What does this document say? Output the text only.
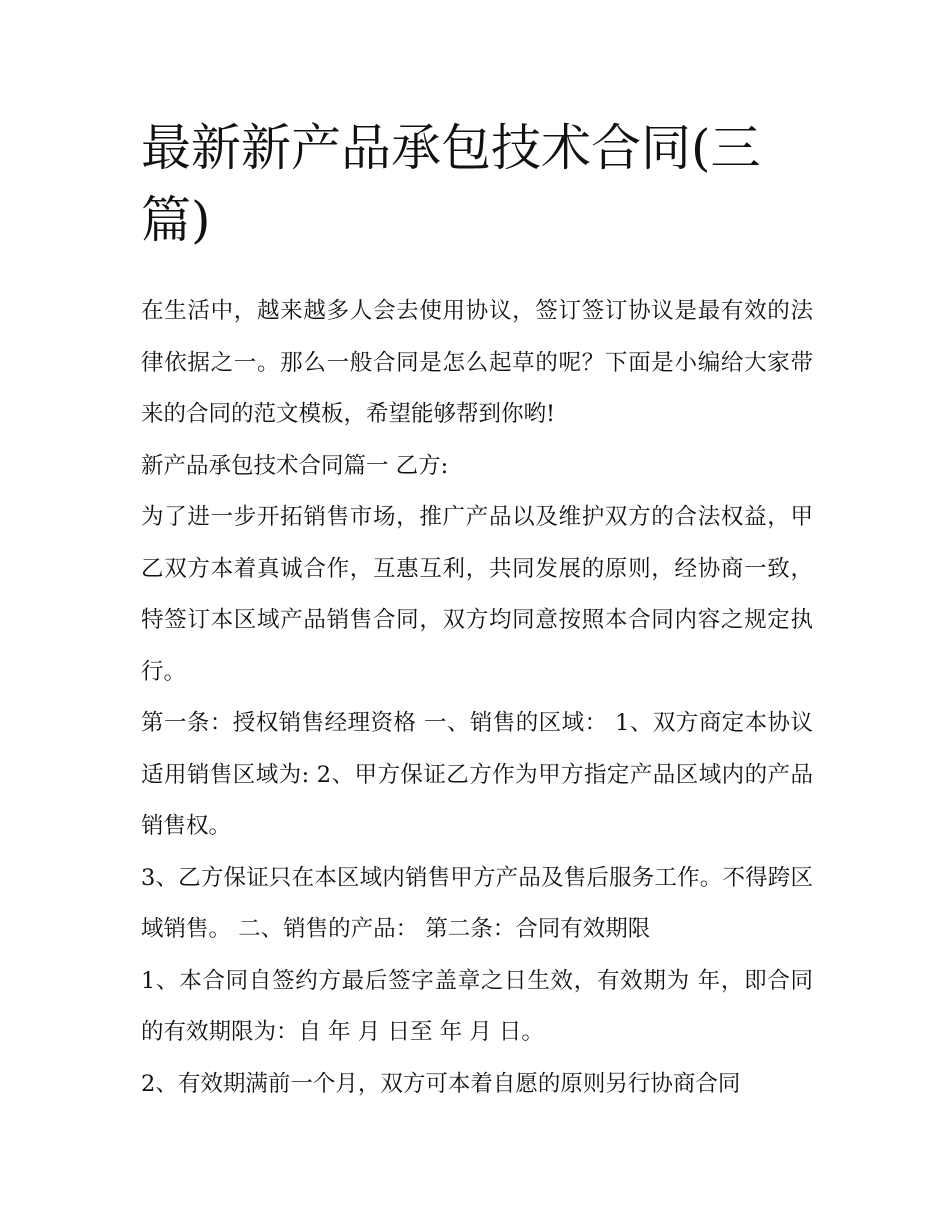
最新新产品承包技术合同(三篇)

在生活中，越来越多人会去使用协议，签订签订协议是最有效的法律依据之一。那么一般合同是怎么起草的呢？下面是小编给大家带来的合同的范文模板，希望能够帮到你哟!

新产品承包技术合同篇一 乙方:

为了进一步开拓销售市场，推广产品以及维护双方的合法权益，甲乙双方本着真诚合作，互惠互利，共同发展的原则，经协商一致，特签订本区域产品销售合同，双方均同意按照本合同内容之规定执行。

第一条：授权销售经理资格 一、销售的区域： 1、双方商定本协议适用销售区域为: 2、甲方保证乙方作为甲方指定产品区域内的产品销售权。

3、乙方保证只在本区域内销售甲方产品及售后服务工作。不得跨区域销售。 二、销售的产品： 第二条：合同有效期限

1、本合同自签约方最后签字盖章之日生效，有效期为 年，即合同的有效期限为：自 年 月 日至 年 月 日。

2、有效期满前一个月，双方可本着自愿的原则另行协商合同
